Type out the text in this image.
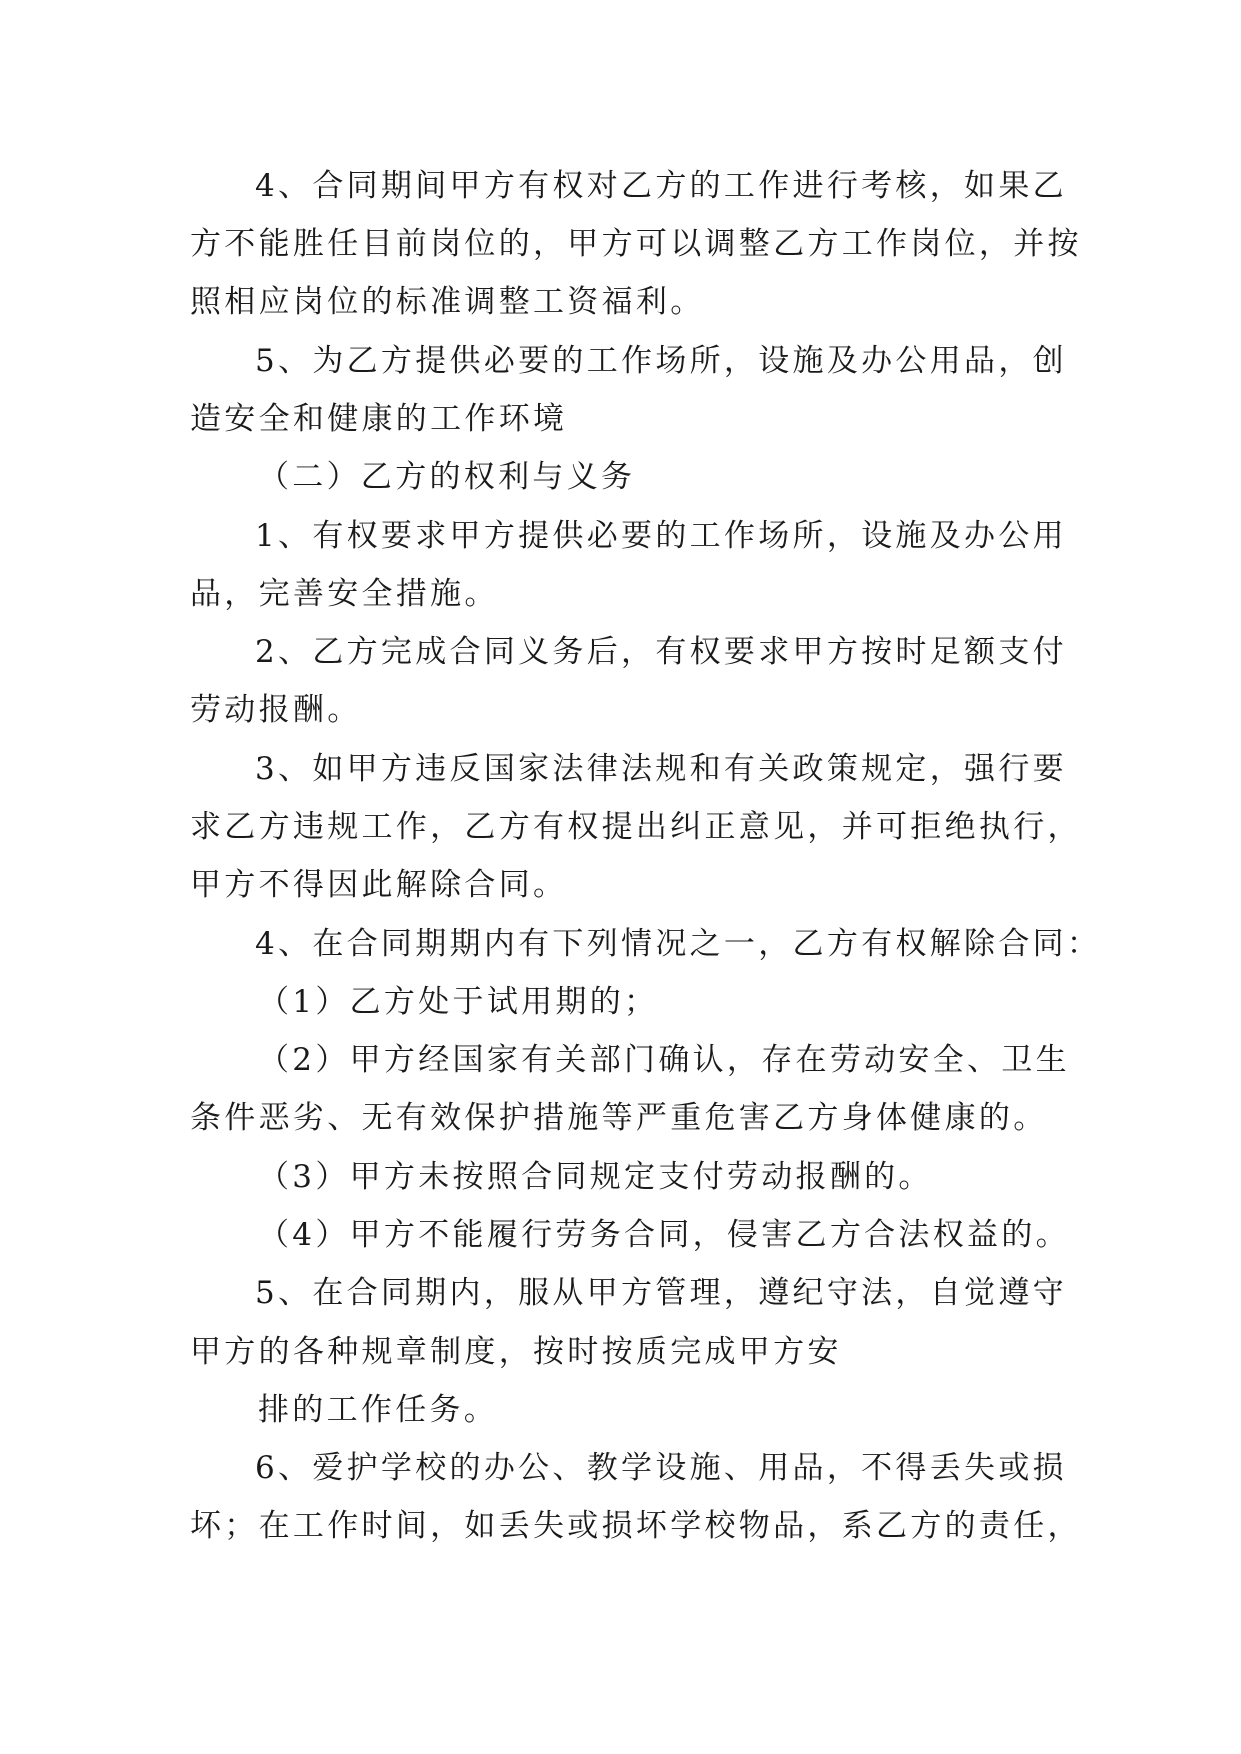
4、合同期间甲方有权对乙方的工作进行考核，如果乙
方不能胜任目前岗位的，甲方可以调整乙方工作岗位，并按
照相应岗位的标准调整工资福利。
5、为乙方提供必要的工作场所，设施及办公用品，创
造安全和健康的工作环境
（二）乙方的权利与义务
1、有权要求甲方提供必要的工作场所，设施及办公用
品，完善安全措施。
2、乙方完成合同义务后，有权要求甲方按时足额支付
劳动报酬。
3、如甲方违反国家法律法规和有关政策规定，强行要
求乙方违规工作，乙方有权提出纠正意见，并可拒绝执行，
甲方不得因此解除合同。
4、在合同期期内有下列情况之一，乙方有权解除合同：
（1）乙方处于试用期的；
（2）甲方经国家有关部门确认，存在劳动安全、卫生
条件恶劣、无有效保护措施等严重危害乙方身体健康的。
（3）甲方未按照合同规定支付劳动报酬的。
（4）甲方不能履行劳务合同，侵害乙方合法权益的。
5、在合同期内，服从甲方管理，遵纪守法，自觉遵守
甲方的各种规章制度，按时按质完成甲方安
排的工作任务。
6、爱护学校的办公、教学设施、用品，不得丢失或损
坏；在工作时间，如丢失或损坏学校物品，系乙方的责任，
